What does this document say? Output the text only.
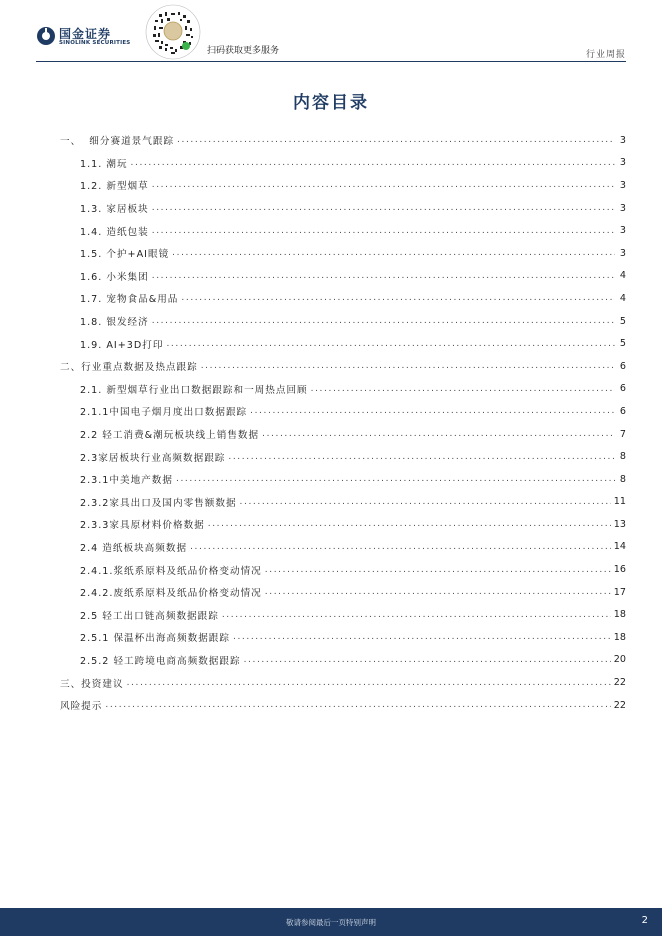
国金证券
SINOLINK SECURITIES
扫码获取更多服务	行业周报
内容目录
一、  细分赛道景气跟踪 .....	3
1.1. 潮玩 .....	3
1.2. 新型烟草 .....	3
1.3. 家居板块 .....	3
1.4. 造纸包装 .....	3
1.5. 个护+AI眼镜 .....	3
1.6. 小米集团 .....	4
1.7. 宠物食品&用品 .....	4
1.8. 银发经济 .....	5
1.9. AI+3D打印 .....	5
二、行业重点数据及热点跟踪 .....	6
2.1. 新型烟草行业出口数据跟踪和一周热点回顾 .....	6
2.1.1中国电子烟月度出口数据跟踪 .....	6
2.2 轻工消费&潮玩板块线上销售数据 .....	7
2.3家居板块行业高频数据跟踪 .....	8
2.3.1中美地产数据 .....	8
2.3.2家具出口及国内零售额数据 .....	11
2.3.3家具原材料价格数据 .....	13
2.4 造纸板块高频数据 .....	14
2.4.1.浆纸系原料及纸品价格变动情况 .....	16
2.4.2.废纸系原料及纸品价格变动情况 .....	17
2.5 轻工出口链高频数据跟踪 .....	18
2.5.1 保温杯出海高频数据跟踪 .....	18
2.5.2 轻工跨境电商高频数据跟踪 .....	20
三、投资建议 .....	22
风险提示 .....	22
敬请参阅最后一页特别声明	2
